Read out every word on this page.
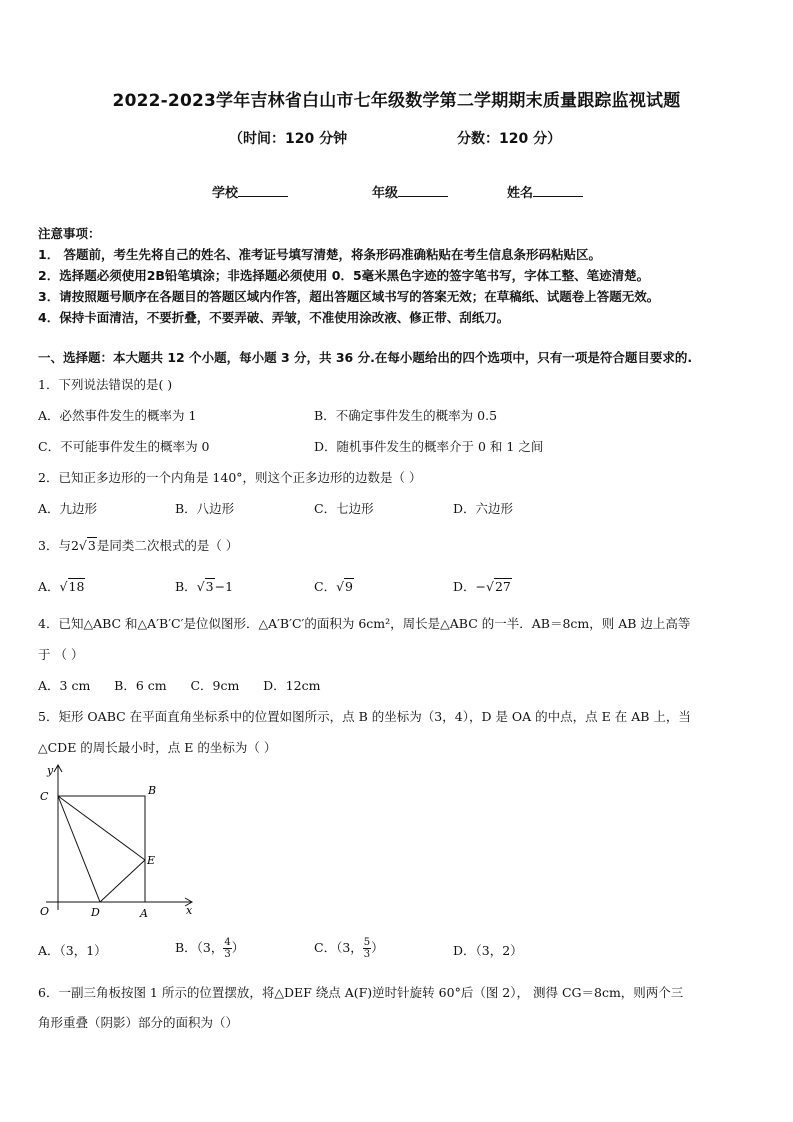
2022-2023学年吉林省白山市七年级数学第二学期期末质量跟踪监视试题
（时间：120 分钟	分数：120 分）
学校	年级	姓名
注意事项：
1． 答题前，考生先将自己的姓名、准考证号填写清楚，将条形码准确粘贴在考生信息条形码粘贴区。
2．选择题必须使用2B铅笔填涂；非选择题必须使用 0．5毫米黑色字迹的签字笔书写，字体工整、笔迹清楚。
3．请按照题号顺序在各题目的答题区域内作答，超出答题区域书写的答案无效；在草稿纸、试题卷上答题无效。
4．保持卡面清洁，不要折叠，不要弄破、弄皱，不准使用涂改液、修正带、刮纸刀。
一、选择题：本大题共 12 个小题，每小题 3 分，共 36 分.在每小题给出的四个选项中，只有一项是符合题目要求的.
1．下列说法错误的是( )
A．必然事件发生的概率为 1	B．不确定事件发生的概率为 0.5
C．不可能事件发生的概率为 0	D．随机事件发生的概率介于 0 和 1 之间
2．已知正多边形的一个内角是 140°，则这个正多边形的边数是（ ）
A．九边形	B．八边形	C．七边形	D．六边形
3．与2√3是同类二次根式的是（ ）
A．√18	B．√3−1	C．√9	D．−√27
4．已知△ABC 和△A′B′C′是位似图形．△A′B′C′的面积为 6cm²，周长是△ABC 的一半．AB＝8cm，则 AB 边上高等
于 （ ）
A．3 cm      B．6 cm      C．9cm      D．12cm
5．矩形 OABC 在平面直角坐标系中的位置如图所示，点 B 的坐标为（3，4），D 是 OA 的中点，点 E 在 AB 上，当
△CDE 的周长最小时，点 E 的坐标为（ ）
y
x
O	A
B
C
D
E
A．（3，1）	B．（3， $\frac{4}{3}$ ）	C．（3， $\frac{5}{3}$ ）	D．（3，2）
6．一副三角板按图 1 所示的位置摆放，将△DEF 绕点 A(F)逆时针旋转 60°后（图 2）， 测得 CG＝8cm，则两个三
角形重叠（阴影）部分的面积为（）
